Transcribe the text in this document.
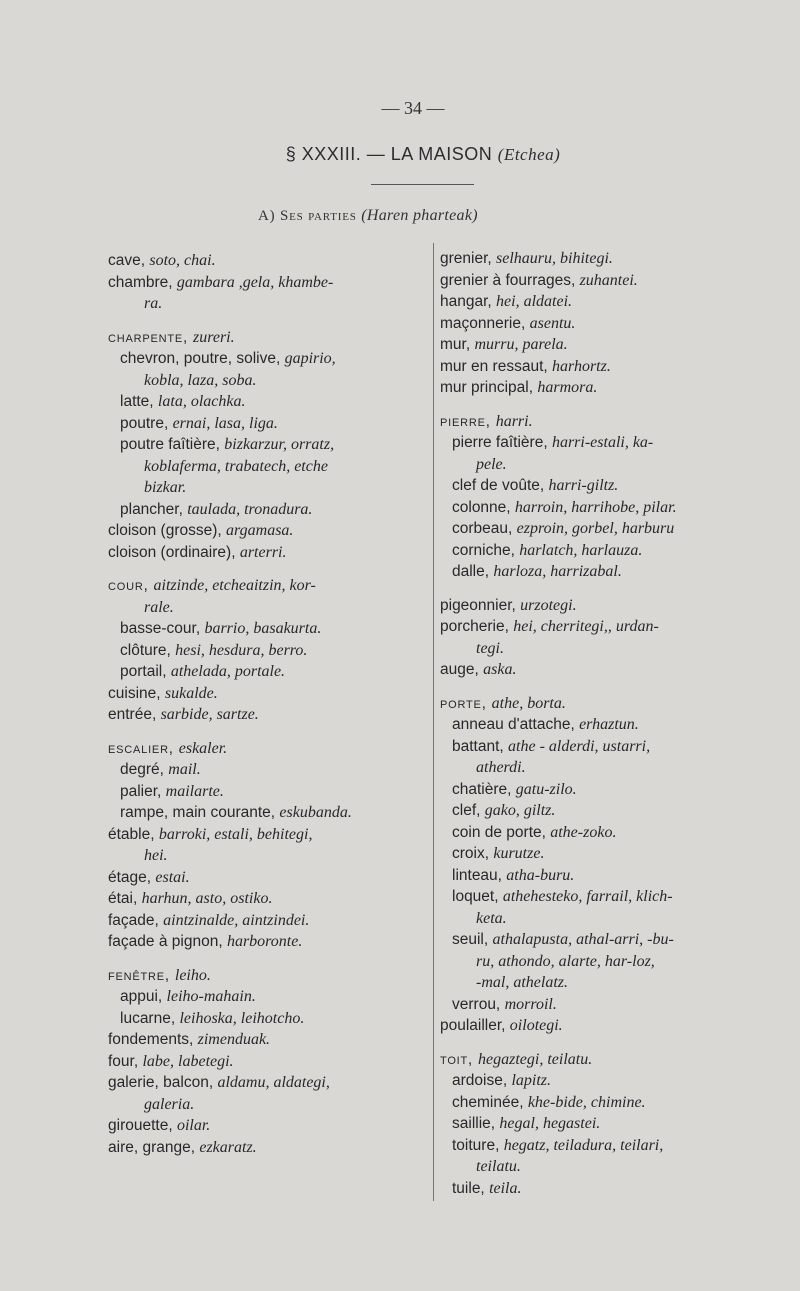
— 34 —
§ XXXIII. — LA MAISON (Etchea)
A) Ses parties (Haren pharteak)
cave, soto, chai.
chambre, gambara ,gela, khambe-
ra.
charpente, zureri.
chevron, poutre, solive, gapirio,
kobla, laza, soba.
latte, lata, olachka.
poutre, ernai, lasa, liga.
poutre faîtière, bizkarzur, orratz,
koblaferma, trabatech, etche
bizkar.
plancher, taulada, tronadura.
cloison (grosse), argamasa.
cloison (ordinaire), arterri.
cour, aitzinde, etcheaitzin, kor-
rale.
basse-cour, barrio, basakurta.
clôture, hesi, hesdura, berro.
portail, athelada, portale.
cuisine, sukalde.
entrée, sarbide, sartze.
escalier, eskaler.
degré, mail.
palier, mailarte.
rampe, main courante, eskubanda.
étable, barroki, estali, behitegi,
hei.
étage, estai.
étai, harhun, asto, ostiko.
façade, aintzinalde, aintzindei.
façade à pignon, harboronte.
fenêtre, leiho.
appui, leiho-mahain.
lucarne, leihoska, leihotcho.
fondements, zimenduak.
four, labe, labetegi.
galerie, balcon, aldamu, aldategi,
galeria.
girouette, oilar.
aire, grange, ezkaratz.
grenier, selhauru, bihitegi.
grenier à fourrages, zuhantei.
hangar, hei, aldatei.
maçonnerie, asentu.
mur, murru, parela.
mur en ressaut, harhortz.
mur principal, harmora.
pierre, harri.
pierre faîtière, harri-estali, ka-
pele.
clef de voûte, harri-giltz.
colonne, harroin, harrihobe, pilar.
corbeau, ezproin, gorbel, harburu
corniche, harlatch, harlauza.
dalle, harloza, harrizabal.
pigeonnier, urzotegi.
porcherie, hei, cherritegi,, urdan-
tegi.
auge, aska.
porte, athe, borta.
anneau d'attache, erhaztun.
battant, athe - alderdi, ustarri,
atherdi.
chatière, gatu-zilo.
clef, gako, giltz.
coin de porte, athe-zoko.
croix, kurutze.
linteau, atha-buru.
loquet, athehesteko, farrail, klich-
keta.
seuil, athalapusta, athal-arri, -bu-
ru, athondo, alarte, har-loz,
-mal, athelatz.
verrou, morroil.
poulailler, oilotegi.
toit, hegaztegi, teilatu.
ardoise, lapitz.
cheminée, khe-bide, chimine.
saillie, hegal, hegastei.
toiture, hegatz, teiladura, teilari,
teilatu.
tuile, teila.
